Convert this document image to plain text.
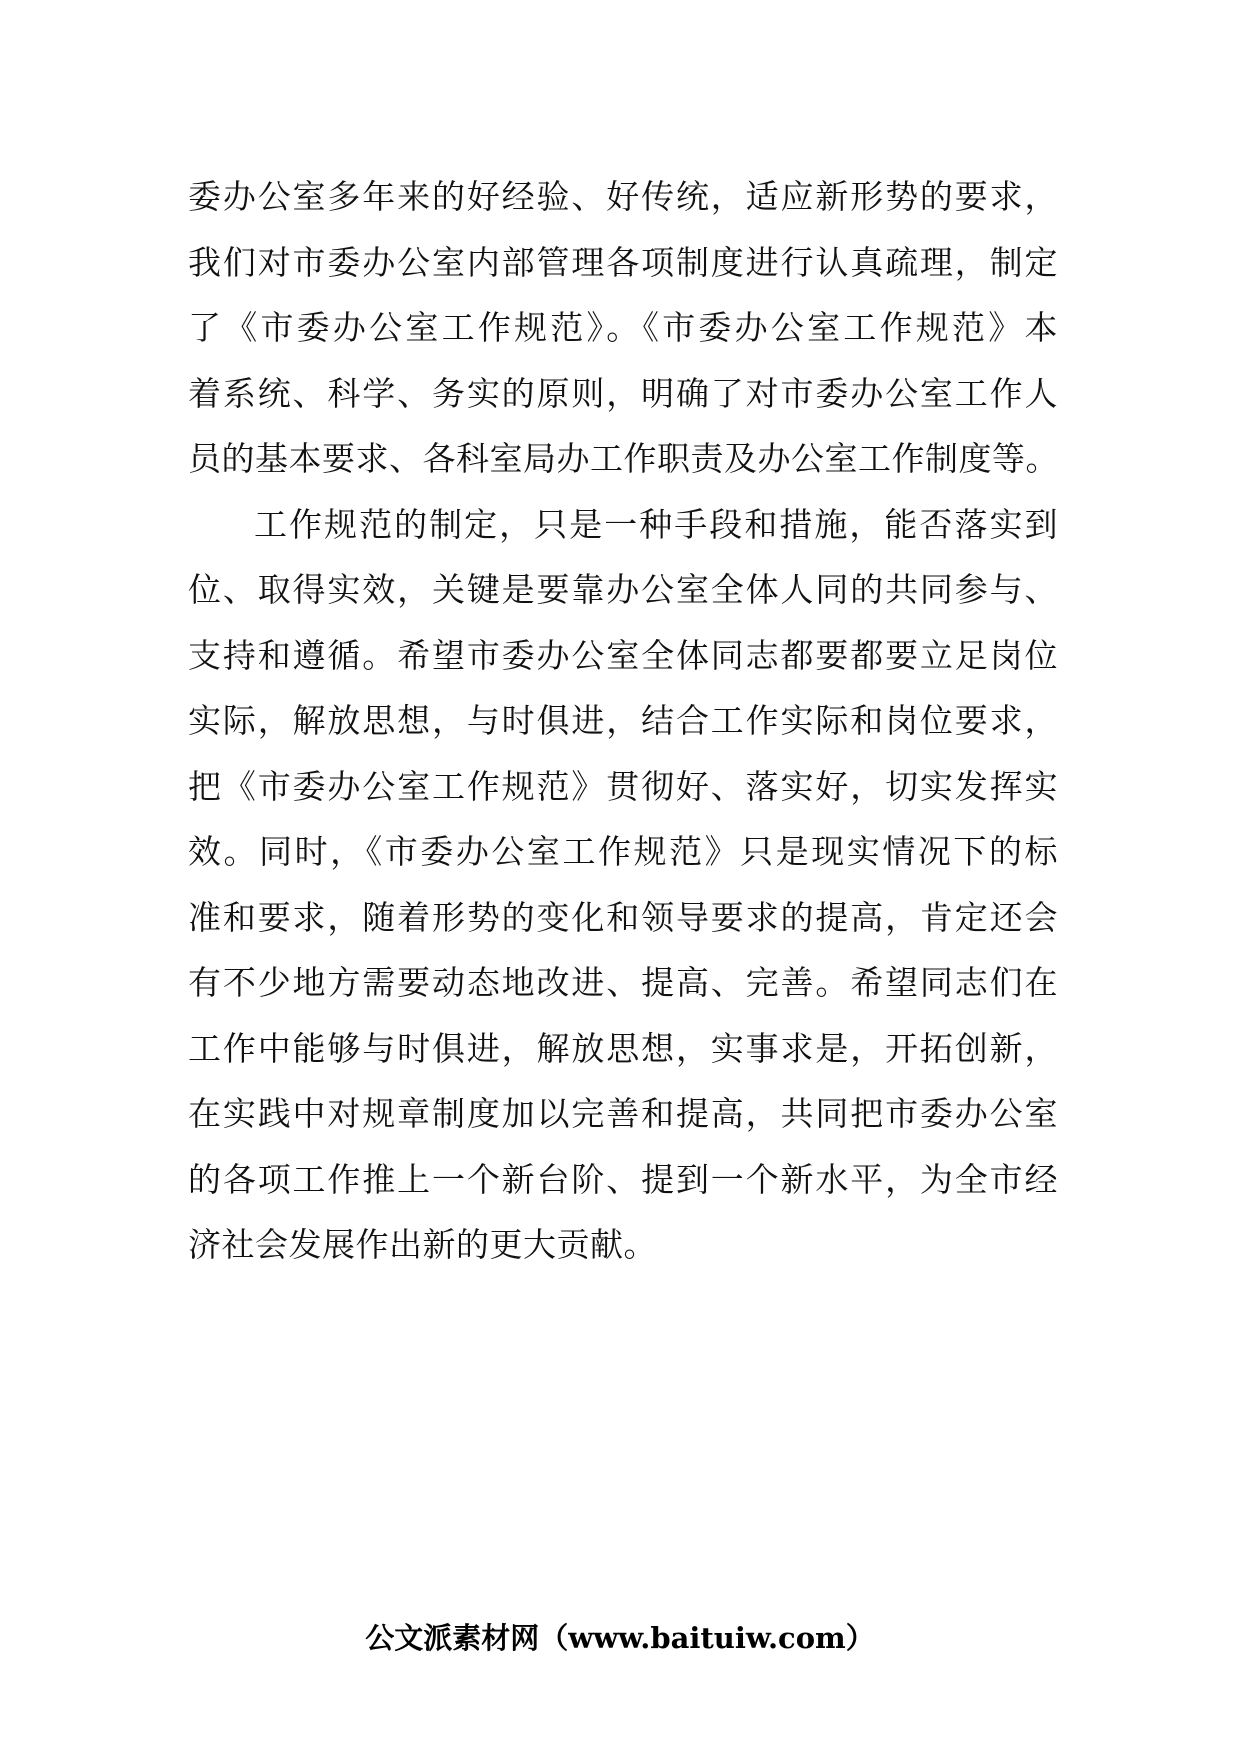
委办公室多年来的好经验、好传统，适应新形势的要求，
我们对市委办公室内部管理各项制度进行认真疏理，制定
了《市委办公室工作规范》。《市委办公室工作规范》本
着系统、科学、务实的原则，明确了对市委办公室工作人
员的基本要求、各科室局办工作职责及办公室工作制度等。
工作规范的制定，只是一种手段和措施，能否落实到
位、取得实效，关键是要靠办公室全体人同的共同参与、
支持和遵循。希望市委办公室全体同志都要都要立足岗位
实际，解放思想，与时俱进，结合工作实际和岗位要求，
把《市委办公室工作规范》贯彻好、落实好，切实发挥实
效。同时，《市委办公室工作规范》只是现实情况下的标
准和要求，随着形势的变化和领导要求的提高，肯定还会
有不少地方需要动态地改进、提高、完善。希望同志们在
工作中能够与时俱进，解放思想，实事求是，开拓创新，
在实践中对规章制度加以完善和提高，共同把市委办公室
的各项工作推上一个新台阶、提到一个新水平，为全市经
济社会发展作出新的更大贡献。
公文派素材网（www.baituiw.com）
